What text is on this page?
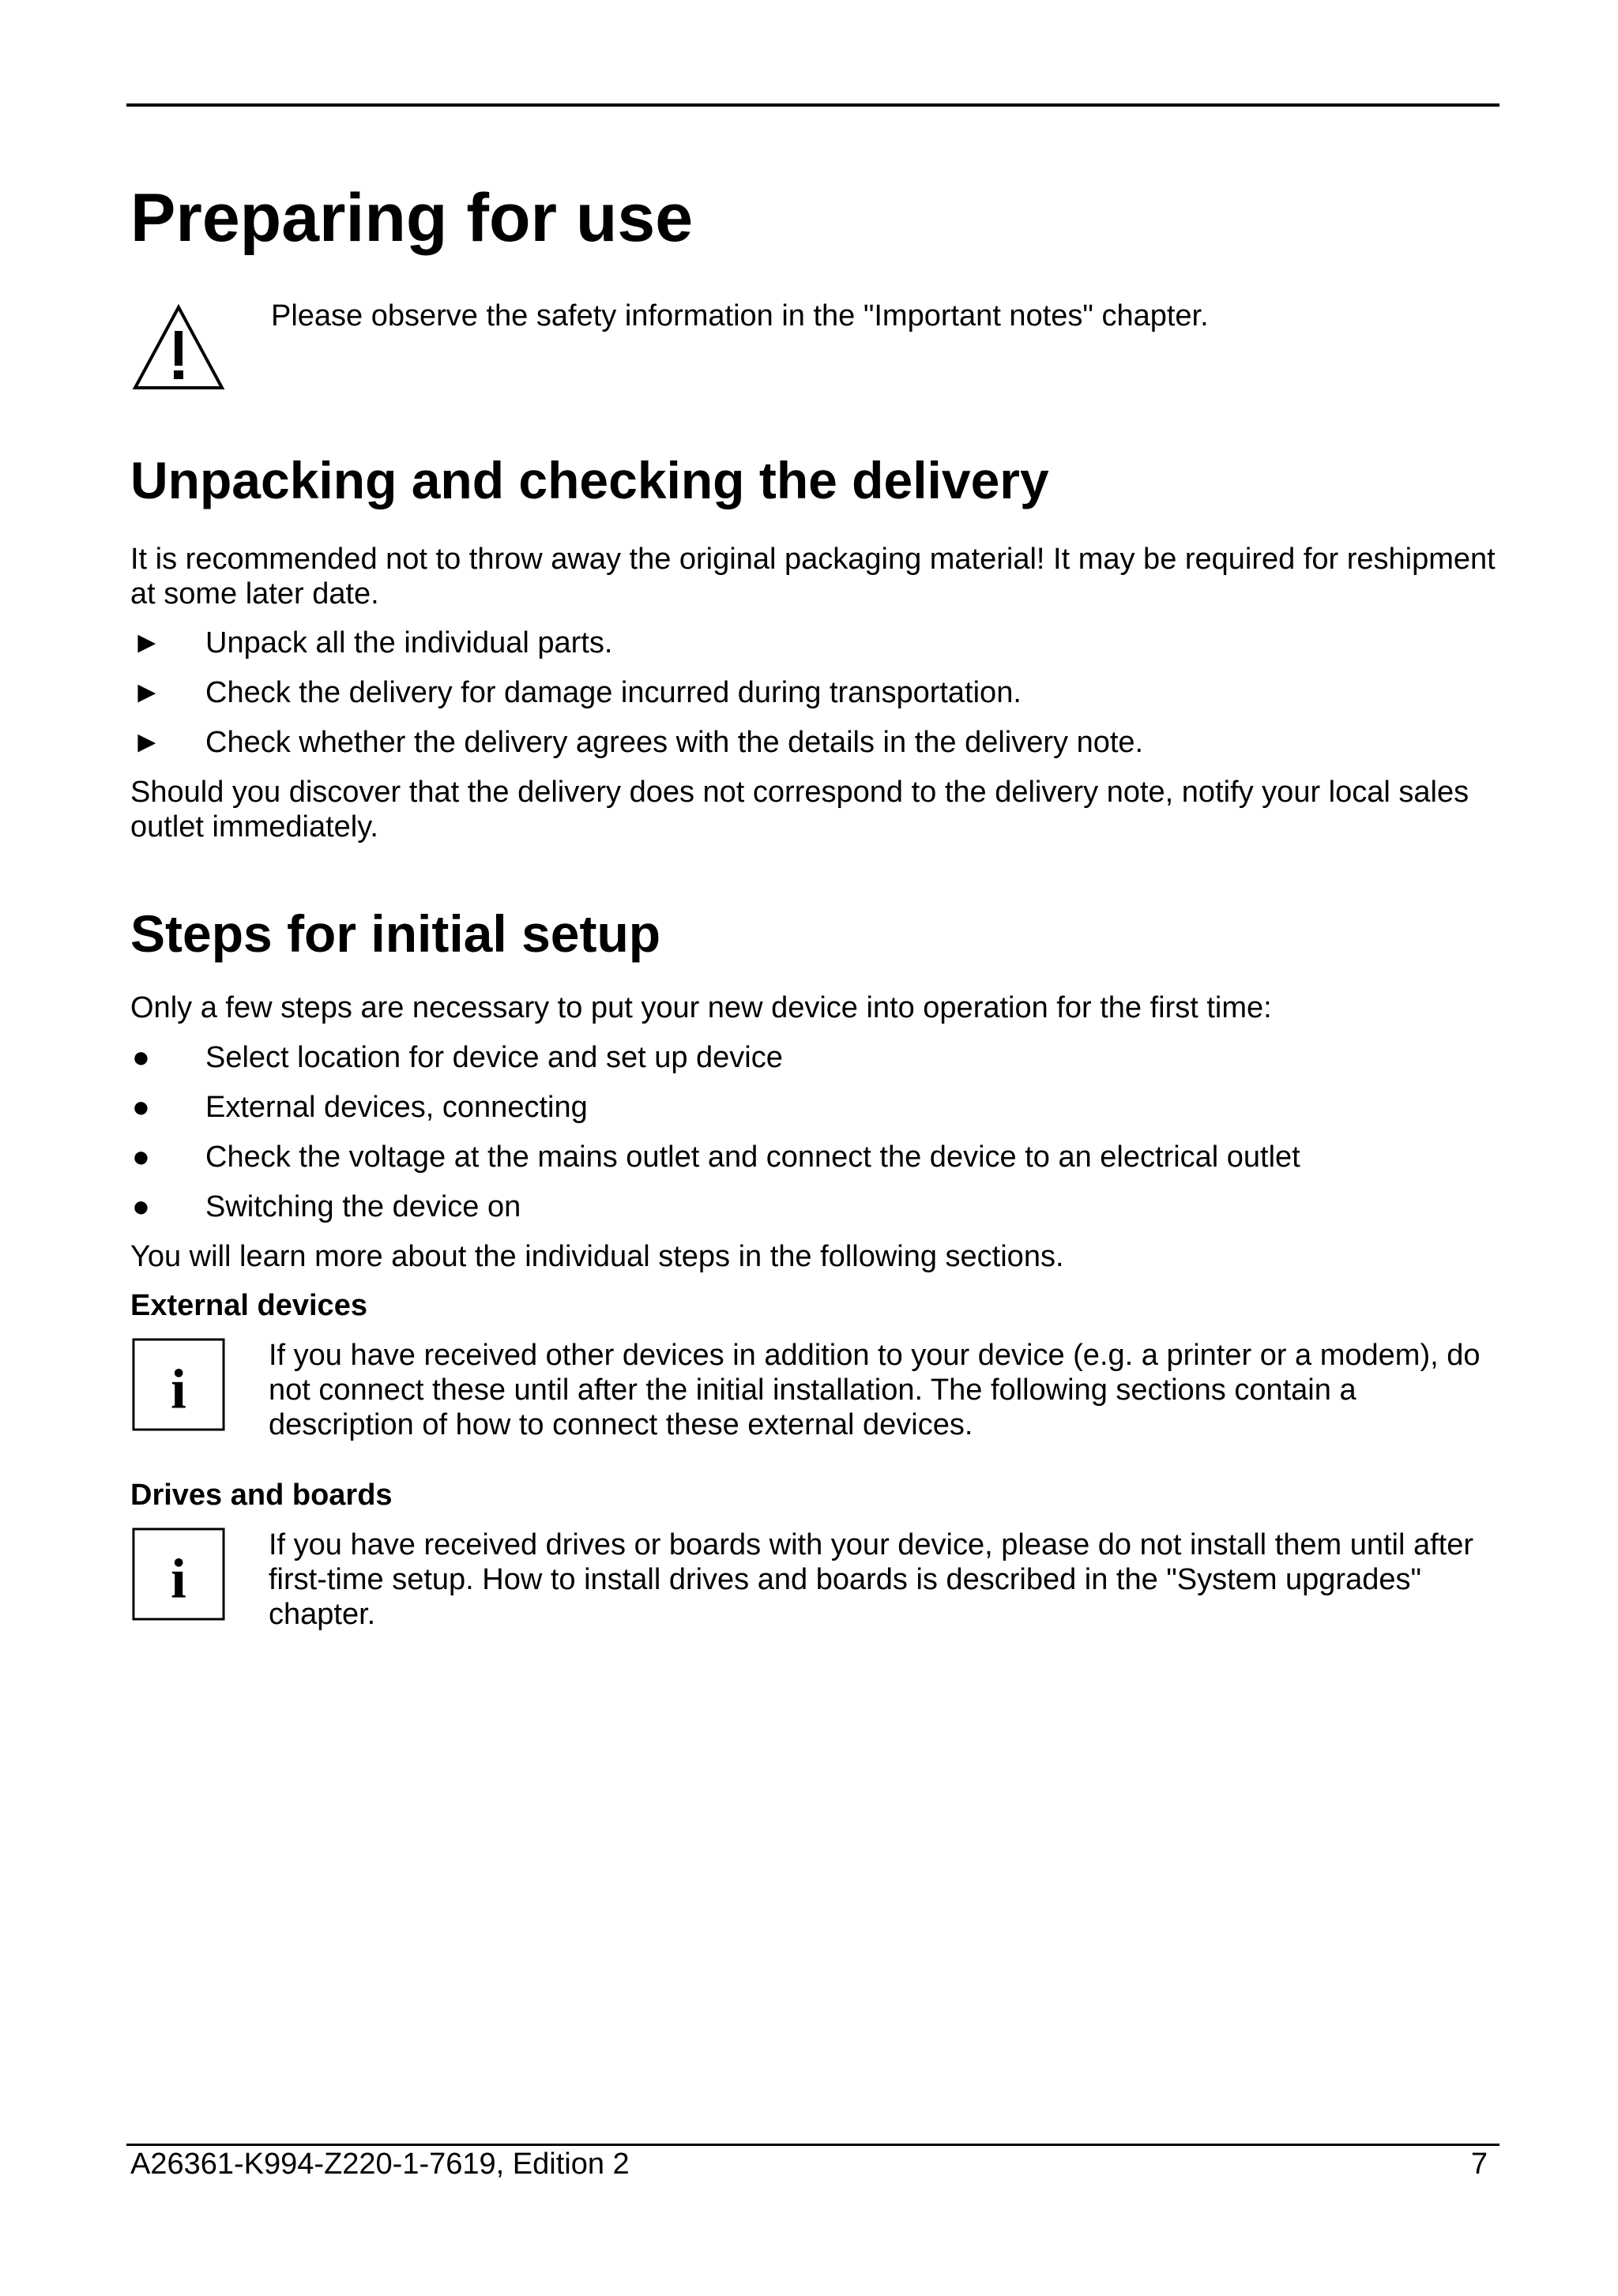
Preparing for use

Please observe the safety information in the "Important notes" chapter.

Unpacking and checking the delivery

It is recommended not to throw away the original packaging material! It may be required for reshipment at some later date.

► Unpack all the individual parts.
► Check the delivery for damage incurred during transportation.
► Check whether the delivery agrees with the details in the delivery note.

Should you discover that the delivery does not correspond to the delivery note, notify your local sales outlet immediately.

Steps for initial setup

Only a few steps are necessary to put your new device into operation for the first time:

● Select location for device and set up device
● External devices, connecting
● Check the voltage at the mains outlet and connect the device to an electrical outlet
● Switching the device on

You will learn more about the individual steps in the following sections.

External devices
i

If you have received other devices in addition to your device (e.g. a printer or a modem), do not connect these until after the initial installation. The following sections contain a description of how to connect these external devices.

Drives and boards
i

If you have received drives or boards with your device, please do not install them until after first-time setup. How to install drives and boards is described in the "System upgrades" chapter.

A26361-K994-Z220-1-7619, Edition 2	7
